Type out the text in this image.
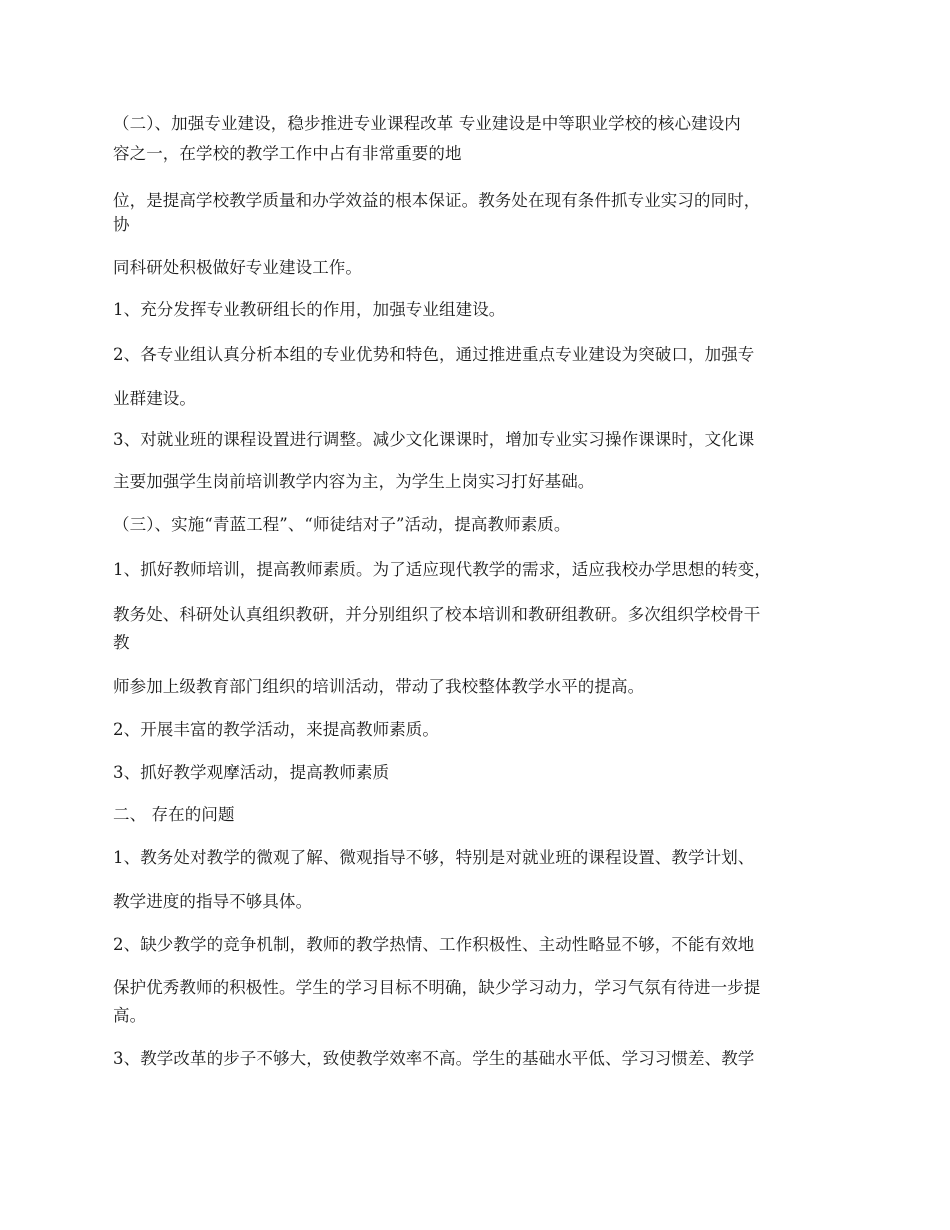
（二）、加强专业建设，稳步推进专业课程改革 专业建设是中等职业学校的核心建设内
容之一，在学校的教学工作中占有非常重要的地
位，是提高学校教学质量和办学效益的根本保证。教务处在现有条件抓专业实习的同时，
协
同科研处积极做好专业建设工作。
1、充分发挥专业教研组长的作用，加强专业组建设。
2、各专业组认真分析本组的专业优势和特色，通过推进重点专业建设为突破口，加强专
业群建设。
3、对就业班的课程设置进行调整。减少文化课课时，增加专业实习操作课课时，文化课
主要加强学生岗前培训教学内容为主，为学生上岗实习打好基础。
（三）、实施“青蓝工程”、“师徒结对子”活动，提高教师素质。
1、抓好教师培训，提高教师素质。为了适应现代教学的需求，适应我校办学思想的转变，
教务处、科研处认真组织教研，并分别组织了校本培训和教研组教研。多次组织学校骨干
教
师参加上级教育部门组织的培训活动，带动了我校整体教学水平的提高。
2、开展丰富的教学活动，来提高教师素质。
3、抓好教学观摩活动，提高教师素质
二、 存在的问题
1、教务处对教学的微观了解、微观指导不够，特别是对就业班的课程设置、教学计划、
教学进度的指导不够具体。
2、缺少教学的竞争机制，教师的教学热情、工作积极性、主动性略显不够，不能有效地
保护优秀教师的积极性。学生的学习目标不明确，缺少学习动力，学习气氛有待进一步提
高。
3、教学改革的步子不够大，致使教学效率不高。学生的基础水平低、学习习惯差、教学
